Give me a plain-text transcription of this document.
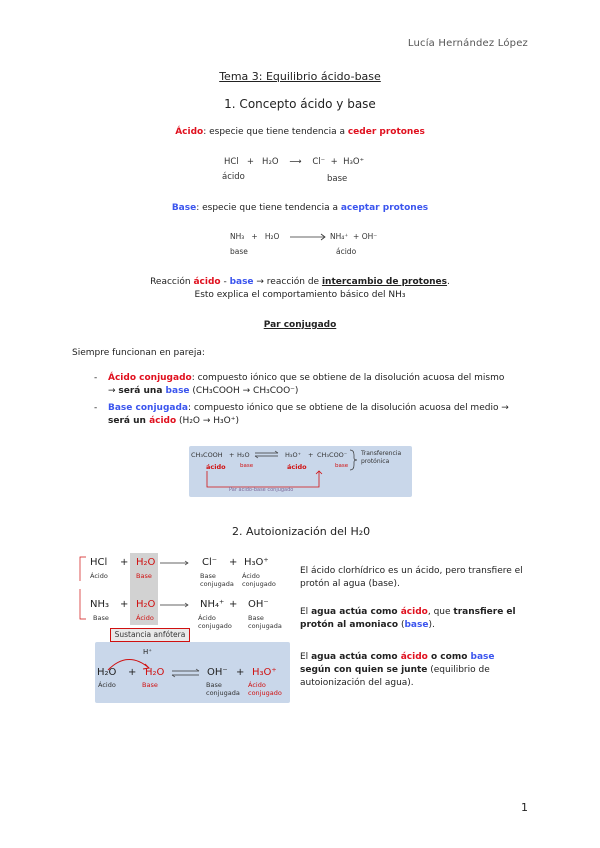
Lucía Hernández López
Tema 3: Equilibrio ácido-base
1. Concepto ácido y base
Ácido: especie que tiene tendencia a ceder protones
HCl + H₂O ⟶ Cl⁻ + H₃O⁺
ácido	base
Base: especie que tiene tendencia a aceptar protones
NH₃ + H₂O	NH₄⁺ + OH⁻
base	ácido
Reacción ácido - base → reacción de intercambio de protones.
Esto explica el comportamiento básico del NH₃
Par conjugado
Siempre funcionan en pareja:
- Ácido conjugado: compuesto iónico que se obtiene de la disolución acuosa del mismo → será una base (CH₃COOH → CH₃COO⁻)
- Base conjugada: compuesto iónico que se obtiene de la disolución acuosa del medio → será un ácido (H₂O → H₃O⁺)
CH₃COOH + H₂O ⇌ H₃O⁺ + CH₃COO⁻
ácido	base	ácido	base
Transferencia protónica
Par ácido-base conjugado
2. Autoionización del H₂0
HCl + H₂O	Cl⁻ + H₃O⁺
Ácido	Base	Base conjugada
Ácido conjugado
NH₃ + H₂O	NH₄⁺ + OH⁻
Base	Ácido	Ácido conjugado
Base conjugada
Sustancia anfótera
H⁺
H₂O + H₂O	OH⁻ + H₃O⁺
Ácido	Base	Base conjugada
Ácido conjugado
El ácido clorhídrico es un ácido, pero transfiere el protón al agua (base).
El agua actúa como ácido, que transfiere el protón al amoniaco (base).
El agua actúa como ácido o como base según con quien se junte (equilibrio de autoionización del agua).
1
